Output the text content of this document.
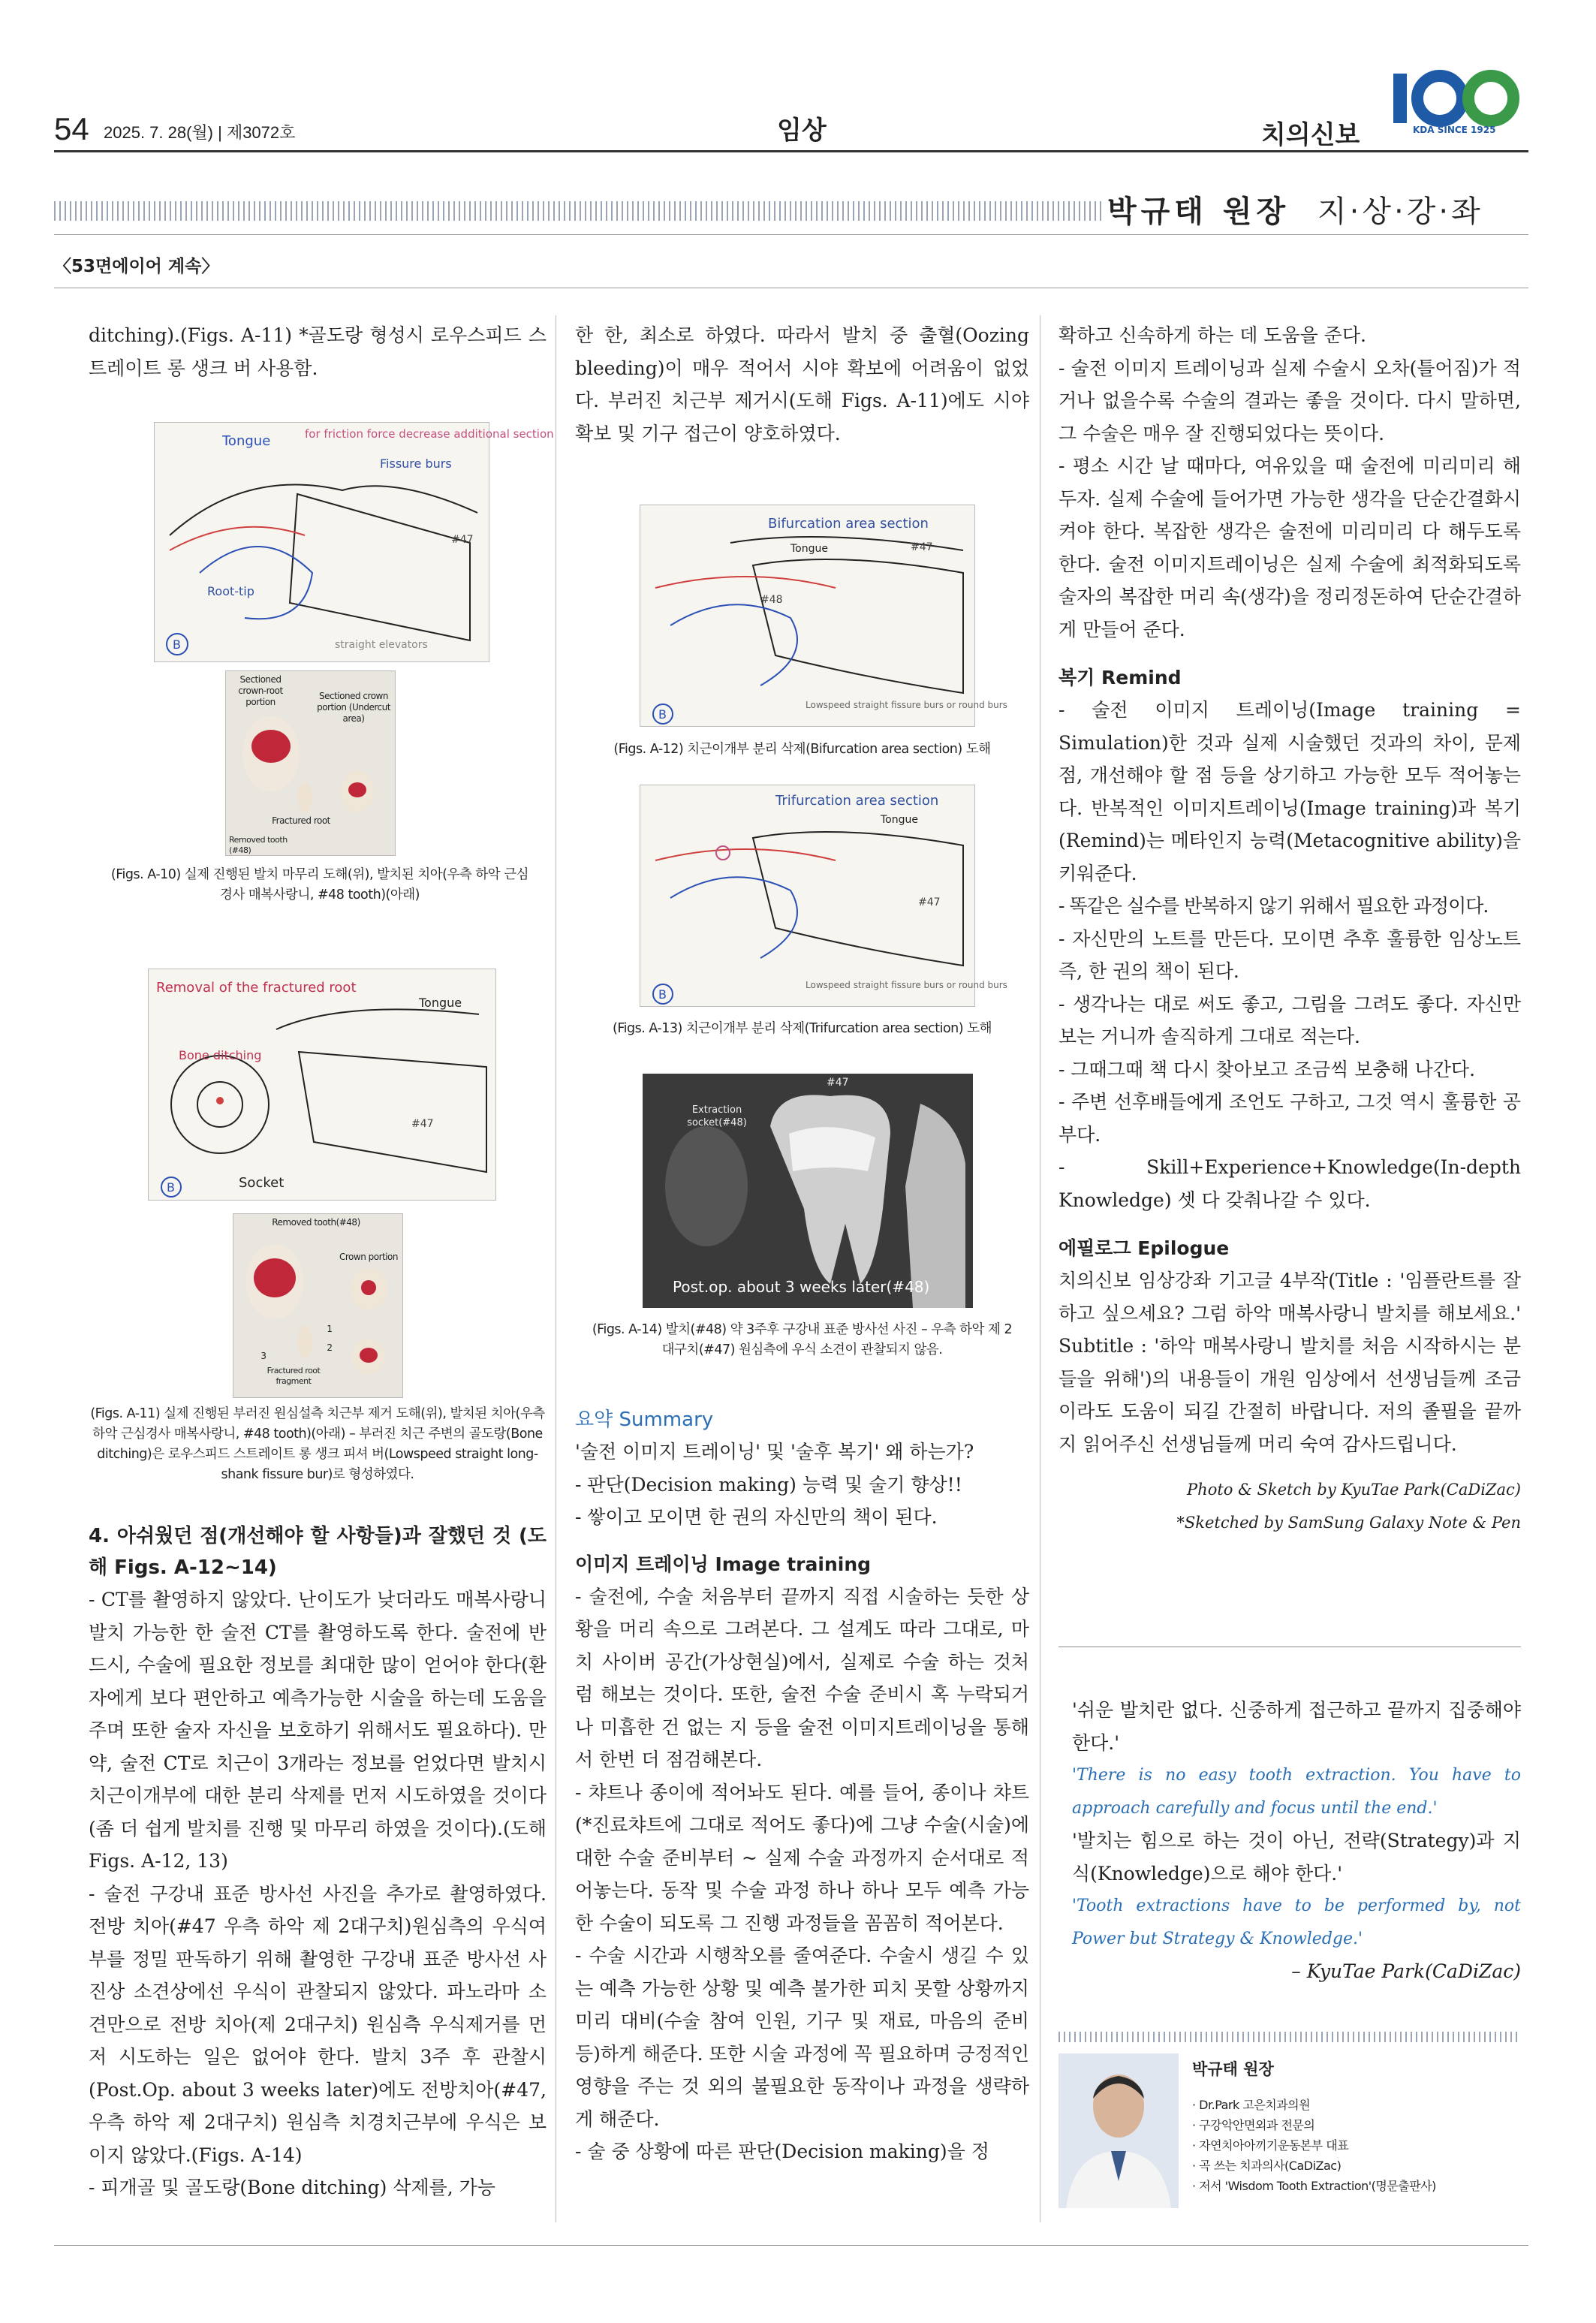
54 2025. 7. 28(월) | 제3072호	임상	치의신보	KDA SINCE 1925
박규태 원장 지·상·강·좌
〈53면에이어 계속〉

ditching).(Figs. A-11) *골도랑 형성시 로우스피드 스트레이트 롱 생크 버 사용함.

B
Tongue	for friction force decrease additional section
Fissure burs
Root-tip
straight elevators
#47
Sectioned crown-root portion
Sectioned crown portion (Undercut area)
Fractured root
Removed tooth (#48)
(Figs. A-10) 실제 진행된 발치 마무리 도해(위), 발치된 치아(우측 하악 근심경사 매복사랑니, #48 tooth)(아래)
B
Removal of the fractured root
Bone ditching
Socket
Tongue
#47
Removed tooth(#48)
Crown portion
Fractured root fragment
1
2
3
(Figs. A-11) 실제 진행된 부러진 원심설측 치근부 제거 도해(위), 발치된 치아(우측 하악 근심경사 매복사랑니, #48 tooth)(아래) – 부러진 치근 주변의 골도랑(Bone ditching)은 로우스피드 스트레이트 롱 생크 피셔 버(Lowspeed straight long-shank fissure bur)로 형성하였다.

4. 아쉬웠던 점(개선해야 할 사항들)과 잘했던 것 (도해 Figs. A-12~14)

- CT를 촬영하지 않았다. 난이도가 낮더라도 매복사랑니 발치 가능한 한 술전 CT를 촬영하도록 한다. 술전에 반드시, 수술에 필요한 정보를 최대한 많이 얻어야 한다(환자에게 보다 편안하고 예측가능한 시술을 하는데 도움을 주며 또한 술자 자신을 보호하기 위해서도 필요하다). 만약, 술전 CT로 치근이 3개라는 정보를 얻었다면 발치시 치근이개부에 대한 분리 삭제를 먼저 시도하였을 것이다(좀 더 쉽게 발치를 진행 및 마무리 하였을 것이다).(도해 Figs. A-12, 13)

- 술전 구강내 표준 방사선 사진을 추가로 촬영하였다. 전방 치아(#47 우측 하악 제 2대구치)원심측의 우식여부를 정밀 판독하기 위해 촬영한 구강내 표준 방사선 사진상 소견상에선 우식이 관찰되지 않았다. 파노라마 소견만으로 전방 치아(제 2대구치) 원심측 우식제거를 먼저 시도하는 일은 없어야 한다. 발치 3주 후 관찰시(Post.Op. about 3 weeks later)에도 전방치아(#47, 우측 하악 제 2대구치) 원심측 치경치근부에 우식은 보이지 않았다.(Figs. A-14)

- 피개골 및 골도랑(Bone ditching) 삭제를, 가능

한 한, 최소로 하였다. 따라서 발치 중 출혈(Oozing bleeding)이 매우 적어서 시야 확보에 어려움이 없었다. 부러진 치근부 제거시(도해 Figs. A-11)에도 시야 확보 및 기구 접근이 양호하였다.

B
Bifurcation area section
Tongue	#47
#48
Lowspeed straight fissure burs or round burs
(Figs. A-12) 치근이개부 분리 삭제(Bifurcation area section) 도해
B
Trifurcation area section
Tongue
#47
Lowspeed straight fissure burs or round burs
(Figs. A-13) 치근이개부 분리 삭제(Trifurcation area section) 도해
#47
Extraction socket(#48)
Post.op. about 3 weeks later(#48)
(Figs. A-14) 발치(#48) 약 3주후 구강내 표준 방사선 사진 – 우측 하악 제 2대구치(#47) 원심측에 우식 소견이 관찰되지 않음.

요약 Summary

'술전 이미지 트레이닝' 및 '술후 복기' 왜 하는가?

- 판단(Decision making) 능력 및 술기 향상!!

- 쌓이고 모이면 한 권의 자신만의 책이 된다.

이미지 트레이닝 Image training

- 술전에, 수술 처음부터 끝까지 직접 시술하는 듯한 상황을 머리 속으로 그려본다. 그 설계도 따라 그대로, 마치 사이버 공간(가상현실)에서, 실제로 수술 하는 것처럼 해보는 것이다. 또한, 술전 수술 준비시 혹 누락되거나 미흡한 건 없는 지 등을 술전 이미지트레이닝을 통해서 한번 더 점검해본다.

- 챠트나 종이에 적어놔도 된다. 예를 들어, 종이나 챠트(*진료챠트에 그대로 적어도 좋다)에 그냥 수술(시술)에 대한 수술 준비부터 ~ 실제 수술 과정까지 순서대로 적어놓는다. 동작 및 수술 과정 하나 하나 모두 예측 가능한 수술이 되도록 그 진행 과정들을 꼼꼼히 적어본다.

- 수술 시간과 시행착오를 줄여준다. 수술시 생길 수 있는 예측 가능한 상황 및 예측 불가한 피치 못할 상황까지 미리 대비(수술 참여 인원, 기구 및 재료, 마음의 준비 등)하게 해준다. 또한 시술 과정에 꼭 필요하며 긍정적인 영향을 주는 것 외의 불필요한 동작이나 과정을 생략하게 해준다.

- 술 중 상황에 따른 판단(Decision making)을 정

확하고 신속하게 하는 데 도움을 준다.

- 술전 이미지 트레이닝과 실제 수술시 오차(틀어짐)가 적거나 없을수록 수술의 결과는 좋을 것이다. 다시 말하면, 그 수술은 매우 잘 진행되었다는 뜻이다.

- 평소 시간 날 때마다, 여유있을 때 술전에 미리미리 해두자. 실제 수술에 들어가면 가능한 생각을 단순간결화시켜야 한다. 복잡한 생각은 술전에 미리미리 다 해두도록 한다. 술전 이미지트레이닝은 실제 수술에 최적화되도록 술자의 복잡한 머리 속(생각)을 정리정돈하여 단순간결하게 만들어 준다.

복기 Remind

- 술전 이미지 트레이닝(Image training = Simulation)한 것과 실제 시술했던 것과의 차이, 문제점, 개선해야 할 점 등을 상기하고 가능한 모두 적어놓는다. 반복적인 이미지트레이닝(Image training)과 복기(Remind)는 메타인지 능력(Metacognitive ability)을 키워준다.

- 똑같은 실수를 반복하지 않기 위해서 필요한 과정이다.

- 자신만의 노트를 만든다. 모이면 추후 훌륭한 임상노트 즉, 한 권의 책이 된다.

- 생각나는 대로 써도 좋고, 그림을 그려도 좋다. 자신만 보는 거니까 솔직하게 그대로 적는다.

- 그때그때 책 다시 찾아보고 조금씩 보충해 나간다.

- 주변 선후배들에게 조언도 구하고, 그것 역시 훌륭한 공부다.

- Skill+Experience+Knowledge(In-depth Knowledge) 셋 다 갖춰나갈 수 있다.

에필로그 Epilogue

치의신보 임상강좌 기고글 4부작(Title : '임플란트를 잘 하고 싶으세요? 그럼 하악 매복사랑니 발치를 해보세요.' Subtitle : '하악 매복사랑니 발치를 처음 시작하시는 분들을 위해')의 내용들이 개원 임상에서 선생님들께 조금이라도 도움이 되길 간절히 바랍니다. 저의 졸필을 끝까지 읽어주신 선생님들께 머리 숙여 감사드립니다.

Photo & Sketch by KyuTae Park(CaDiZac)

*Sketched by SamSung Galaxy Note & Pen

'쉬운 발치란 없다. 신중하게 접근하고 끝까지 집중해야 한다.'

'There is no easy tooth extraction. You have to approach carefully and focus until the end.'

'발치는 힘으로 하는 것이 아닌, 전략(Strategy)과 지식(Knowledge)으로 해야 한다.'

'Tooth extractions have to be performed by, not Power but Strategy & Knowledge.'

– KyuTae Park(CaDiZac)

박규태 원장
· Dr.Park 고은치과의원
· 구강악안면외과 전문의
· 자연치아아끼기운동본부 대표
· 곡 쓰는 치과의사(CaDiZac)
· 저서 'Wisdom Tooth Extraction'(명문출판사)
